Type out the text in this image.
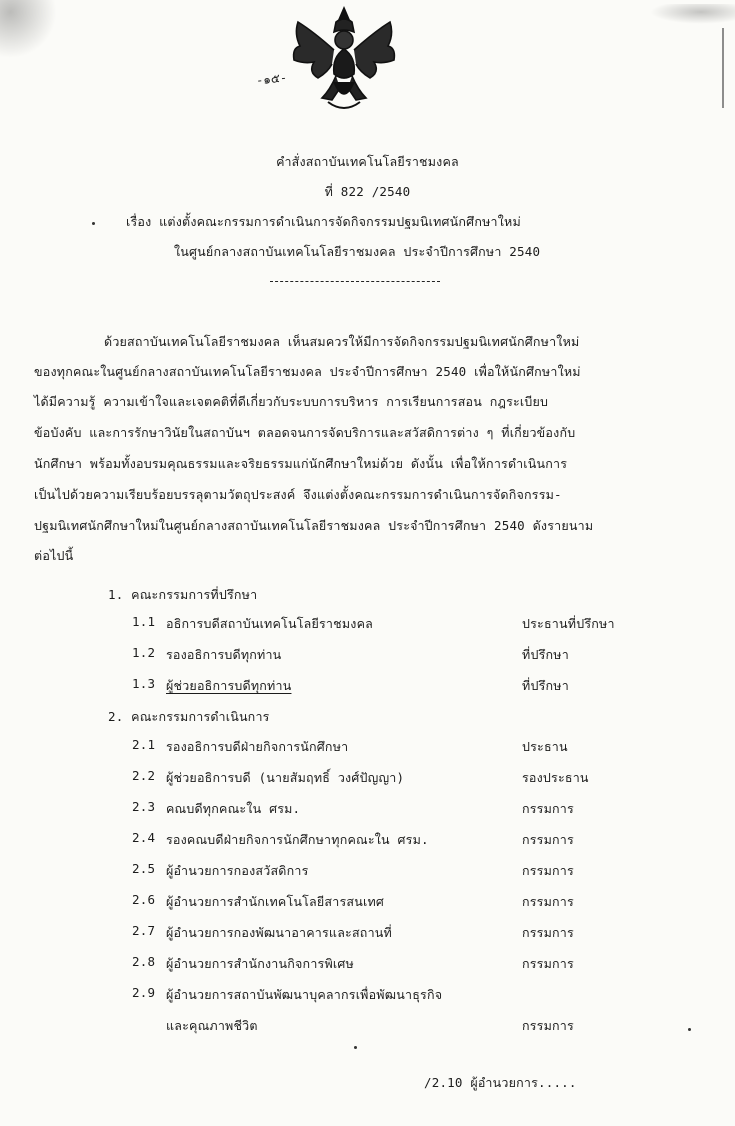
-๑๕-
คำสั่งสถาบันเทคโนโลยีราชมงคล
ที่ 822 /2540
เรื่อง แต่งตั้งคณะกรรมการดำเนินการจัดกิจกรรมปฐมนิเทศนักศึกษาใหม่
ในศูนย์กลางสถาบันเทคโนโลยีราชมงคล ประจำปีการศึกษา 2540
ด้วยสถาบันเทคโนโลยีราชมงคล เห็นสมควรให้มีการจัดกิจกรรมปฐมนิเทศนักศึกษาใหม่
ของทุกคณะในศูนย์กลางสถาบันเทคโนโลยีราชมงคล ประจำปีการศึกษา 2540 เพื่อให้นักศึกษาใหม่
ได้มีความรู้ ความเข้าใจและเจตคติที่ดีเกี่ยวกับระบบการบริหาร การเรียนการสอน กฎระเบียบ
ข้อบังคับ และการรักษาวินัยในสถาบันฯ ตลอดจนการจัดบริการและสวัสดิการต่าง ๆ ที่เกี่ยวข้องกับ
นักศึกษา พร้อมทั้งอบรมคุณธรรมและจริยธรรมแก่นักศึกษาใหม่ด้วย ดังนั้น เพื่อให้การดำเนินการ
เป็นไปด้วยความเรียบร้อยบรรลุตามวัตถุประสงค์ จึงแต่งตั้งคณะกรรมการดำเนินการจัดกิจกรรม-
ปฐมนิเทศนักศึกษาใหม่ในศูนย์กลางสถาบันเทคโนโลยีราชมงคล ประจำปีการศึกษา 2540 ดังรายนาม
ต่อไปนี้
1. คณะกรรมการที่ปรึกษา
1.1 อธิการบดีสถาบันเทคโนโลยีราชมงคล	ประธานที่ปรึกษา
1.2 รองอธิการบดีทุกท่าน	ที่ปรึกษา
1.3 ผู้ช่วยอธิการบดีทุกท่าน	ที่ปรึกษา
2. คณะกรรมการดำเนินการ
2.1 รองอธิการบดีฝ่ายกิจการนักศึกษา	ประธาน
2.2 ผู้ช่วยอธิการบดี (นายสัมฤทธิ์ วงศ์ปัญญา)	รองประธาน
2.3 คณบดีทุกคณะใน ศรม.	กรรมการ
2.4 รองคณบดีฝ่ายกิจการนักศึกษาทุกคณะใน ศรม.	กรรมการ
2.5 ผู้อำนวยการกองสวัสดิการ	กรรมการ
2.6 ผู้อำนวยการสำนักเทคโนโลยีสารสนเทศ	กรรมการ
2.7 ผู้อำนวยการกองพัฒนาอาคารและสถานที่	กรรมการ
2.8 ผู้อำนวยการสำนักงานกิจการพิเศษ	กรรมการ
2.9 ผู้อำนวยการสถาบันพัฒนาบุคลากรเพื่อพัฒนาธุรกิจ
และคุณภาพชีวิต	กรรมการ
/2.10 ผู้อำนวยการ.....
